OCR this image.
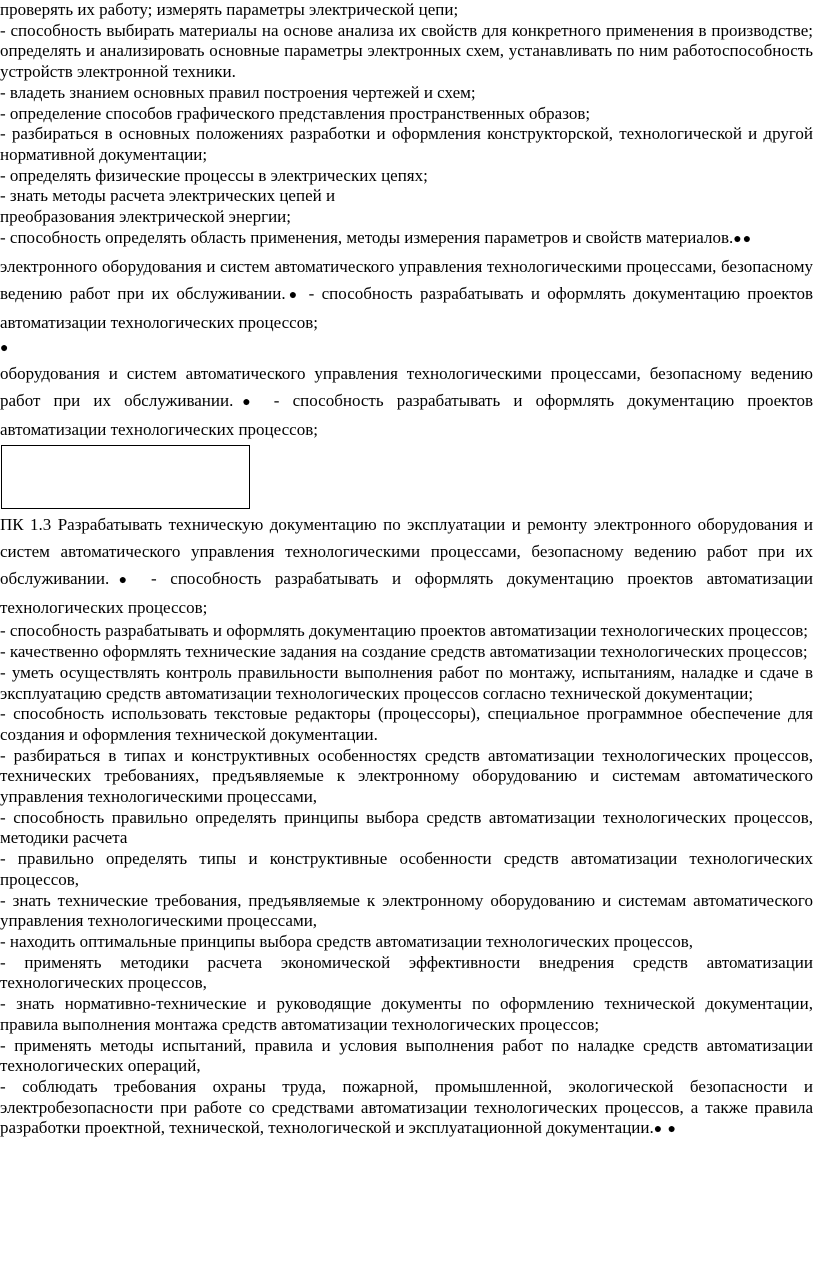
проверять их работу; измерять параметры электрической цепи;

- способность выбирать материалы на основе анализа их свойств для конкретного применения в производстве; определять и анализировать основные параметры электронных схем, устанавливать по ним работоспособность устройств электронной техники.

- владеть знанием основных правил построения чертежей и схем;

- определение способов графического представления пространственных образов;

- разбираться в основных положениях разработки и оформления конструкторской, технологической и другой нормативной документации;

- определять физические процессы в электрических цепях;

- знать методы расчета электрических цепей и

преобразования электрической энергии;

- способность определять область применения, методы измерения параметров и свойств материалов.●●

электронного оборудования и систем автоматического управления технологическими процессами, безопасному ведению работ при их обслуживании.● - способность разрабатывать и оформлять документацию проектов автоматизации технологических процессов;

●

оборудования и систем автоматического управления технологическими процессами, безопасному ведению работ при их обслуживании.● - способность разрабатывать и оформлять документацию проектов автоматизации технологических процессов;

ПК 1.3 Разрабатывать техническую документацию по эксплуатации и ремонту электронного оборудования и систем автоматического управления технологическими процессами, безопасному ведению работ при их обслуживании.● - способность разрабатывать и оформлять документацию проектов автоматизации технологических процессов;

- способность разрабатывать и оформлять документацию проектов автоматизации технологических процессов;

- качественно оформлять технические задания на создание средств автоматизации технологических процессов;

- уметь осуществлять контроль правильности выполнения работ по монтажу, испытаниям, наладке и сдаче в эксплуатацию средств автоматизации технологических процессов согласно технической документации;

- способность использовать текстовые редакторы (процессоры), специальное программное обеспечение для создания и оформления технической документации.

- разбираться в типах и конструктивных особенностях средств автоматизации технологических процессов, технических требованиях, предъявляемые к электронному оборудованию и системам автоматического управления технологическими процессами,

- способность правильно определять принципы выбора средств автоматизации технологических процессов, методики расчета

- правильно определять типы и конструктивные особенности средств автоматизации технологических процессов,

- знать технические требования, предъявляемые к электронному оборудованию и системам автоматического управления технологическими процессами,

- находить оптимальные принципы выбора средств автоматизации технологических процессов,

- применять методики расчета экономической эффективности внедрения средств автоматизации технологических процессов,

- знать нормативно-технические и руководящие документы по оформлению технической документации, правила выполнения монтажа средств автоматизации технологических процессов;

- применять методы испытаний, правила и условия выполнения работ по наладке средств автоматизации технологических операций,

- соблюдать требования охраны труда, пожарной, промышленной, экологической безопасности и электробезопасности при работе со средствами автоматизации технологических процессов, а также правила разработки проектной, технической, технологической и эксплуатационной документации.● ●
